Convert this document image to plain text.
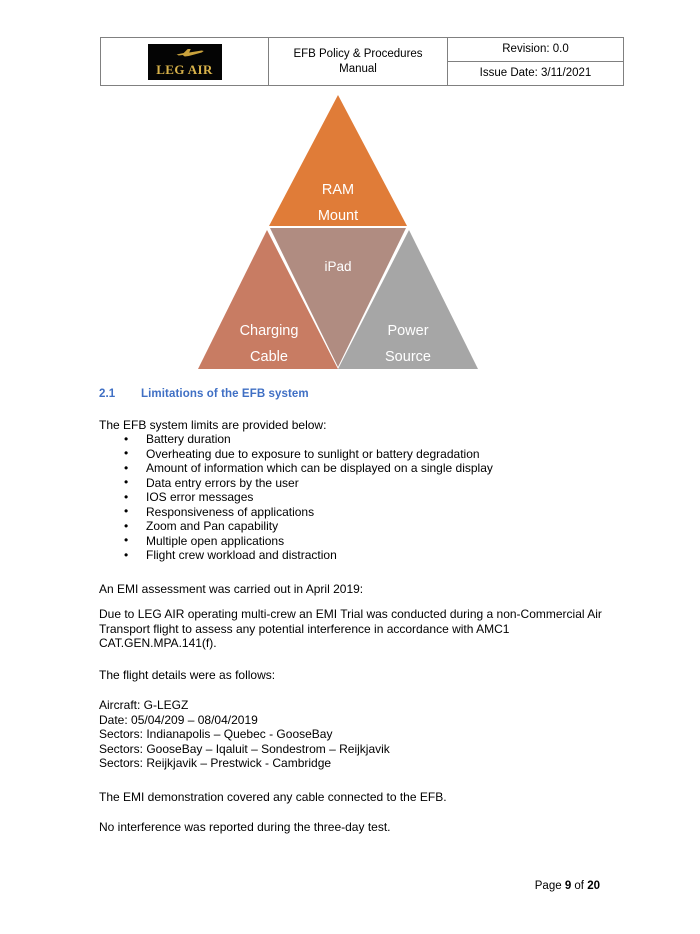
LEG AIR
	EFB Policy & Procedures Manual	Revision: 0.0
Issue Date: 3/11/2021
RAM
Mount
iPad
Charging
Cable
Power
Source
2.1 Limitations of the EFB system
The EFB system limits are provided below:
• Battery duration
• Overheating due to exposure to sunlight or battery degradation
• Amount of information which can be displayed on a single display
• Data entry errors by the user
• IOS error messages
• Responsiveness of applications
• Zoom and Pan capability
• Multiple open applications
• Flight crew workload and distraction
An EMI assessment was carried out in April 2019:
Due to LEG AIR operating multi-crew an EMI Trial was conducted during a non-Commercial Air Transport flight to assess any potential interference in accordance with AMC1 CAT.GEN.MPA.141(f).
The flight details were as follows:
Aircraft: G-LEGZ
Date: 05/04/209 – 08/04/2019
Sectors: Indianapolis – Quebec - GooseBay
Sectors: GooseBay – Iqaluit – Sondestrom – Reijkjavik
Sectors: Reijkjavik – Prestwick - Cambridge
The EMI demonstration covered any cable connected to the EFB.
No interference was reported during the three-day test.
Page 9 of 20
